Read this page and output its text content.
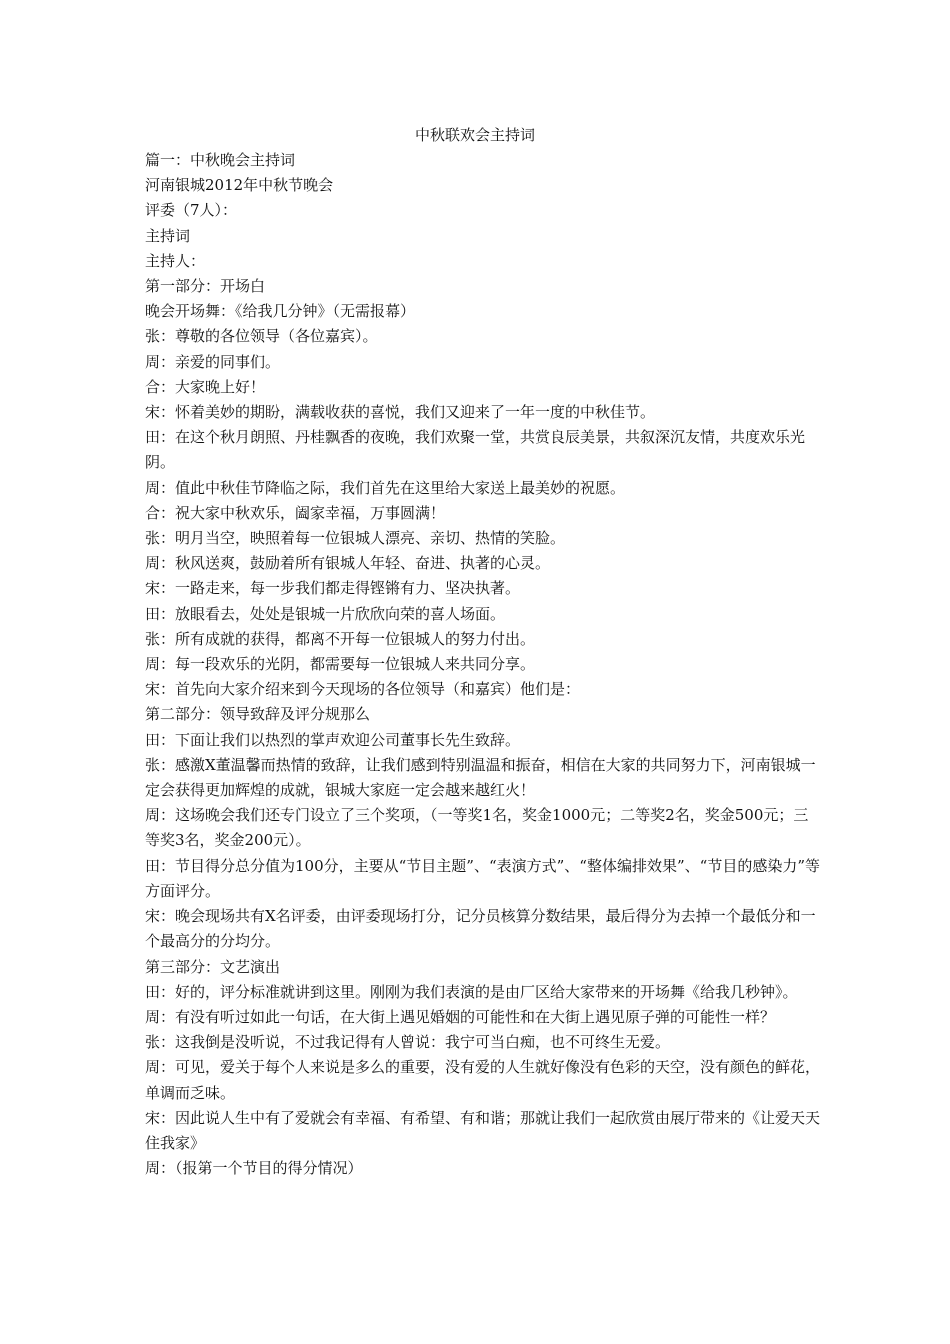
中秋联欢会主持词

篇一：中秋晚会主持词

河南银城2012年中秋节晚会

评委（7人）：

主持词

主持人：

第一部分：开场白

晚会开场舞：《给我几分钟》（无需报幕）

张：尊敬的各位领导（各位嘉宾）。

周：亲爱的同事们。

合：大家晚上好！

宋：怀着美妙的期盼，满载收获的喜悦，我们又迎来了一年一度的中秋佳节。

田：在这个秋月朗照、丹桂飘香的夜晚，我们欢聚一堂，共赏良辰美景，共叙深沉友情，共度欢乐光阴。

周：值此中秋佳节降临之际，我们首先在这里给大家送上最美妙的祝愿。

合：祝大家中秋欢乐，阖家幸福，万事圆满！

张：明月当空，映照着每一位银城人漂亮、亲切、热情的笑脸。

周：秋风送爽，鼓励着所有银城人年轻、奋进、执著的心灵。

宋：一路走来，每一步我们都走得铿锵有力、坚决执著。

田：放眼看去，处处是银城一片欣欣向荣的喜人场面。

张：所有成就的获得，都离不开每一位银城人的努力付出。

周：每一段欢乐的光阴，都需要每一位银城人来共同分享。

宋：首先向大家介绍来到今天现场的各位领导（和嘉宾）他们是：

第二部分：领导致辞及评分规那么

田：下面让我们以热烈的掌声欢迎公司董事长先生致辞。

张：感激X董温馨而热情的致辞，让我们感到特别温温和振奋，相信在大家的共同努力下，河南银城一定会获得更加辉煌的成就，银城大家庭一定会越来越红火！

周：这场晚会我们还专门设立了三个奖项，（一等奖1名，奖金1000元；二等奖2名，奖金500元；三等奖3名，奖金200元）。

田：节目得分总分值为100分，主要从“节目主题”、“表演方式”、“整体编排效果”、“节目的感染力”等方面评分。

宋：晚会现场共有X名评委，由评委现场打分，记分员核算分数结果，最后得分为去掉一个最低分和一个最高分的分均分。

第三部分：文艺演出

田：好的，评分标准就讲到这里。刚刚为我们表演的是由厂区给大家带来的开场舞《给我几秒钟》。

周：有没有听过如此一句话，在大街上遇见婚姻的可能性和在大街上遇见原子弹的可能性一样？

张：这我倒是没听说，不过我记得有人曾说：我宁可当白痴，也不可终生无爱。

周：可见，爱关于每个人来说是多么的重要，没有爱的人生就好像没有色彩的天空，没有颜色的鲜花，单调而乏味。

宋：因此说人生中有了爱就会有幸福、有希望、有和谐；那就让我们一起欣赏由展厅带来的《让爱天天住我家》

周：（报第一个节目的得分情况）
